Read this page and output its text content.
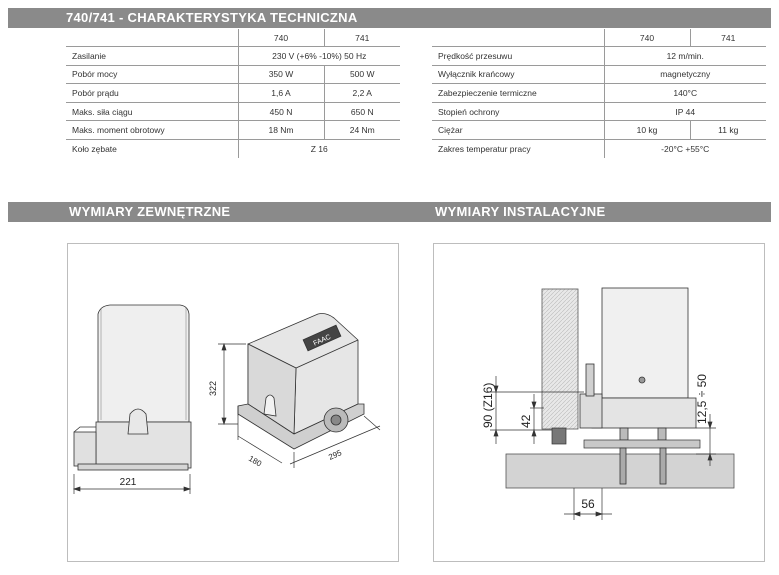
740/741 - CHARAKTERYSTYKA TECHNICZNA
	740	741
Zasilanie	230 V (+6% -10%) 50 Hz	
Pobór mocy	350 W	500 W
Pobór prądu	1,6 A	2,2 A
Maks. siła ciągu	450 N	650 N
Maks. moment obrotowy	18 Nm	24 Nm
Koło zębate	Z 16	
	740	741
Prędkość przesuwu	12 m/min.	
Wyłącznik krańcowy	magnetyczny	
Zabezpieczenie termiczne	140°C	
Stopień ochrony	IP 44	
Ciężar	10 kg	11 kg
Zakres temperatur pracy	-20°C +55°C	
WYMIARY ZEWNĘTRZNE	WYMIARY INSTALACYJNE
221
FAAC
322
180	295
90 (Z16) 42	12,5 ÷ 50
56
